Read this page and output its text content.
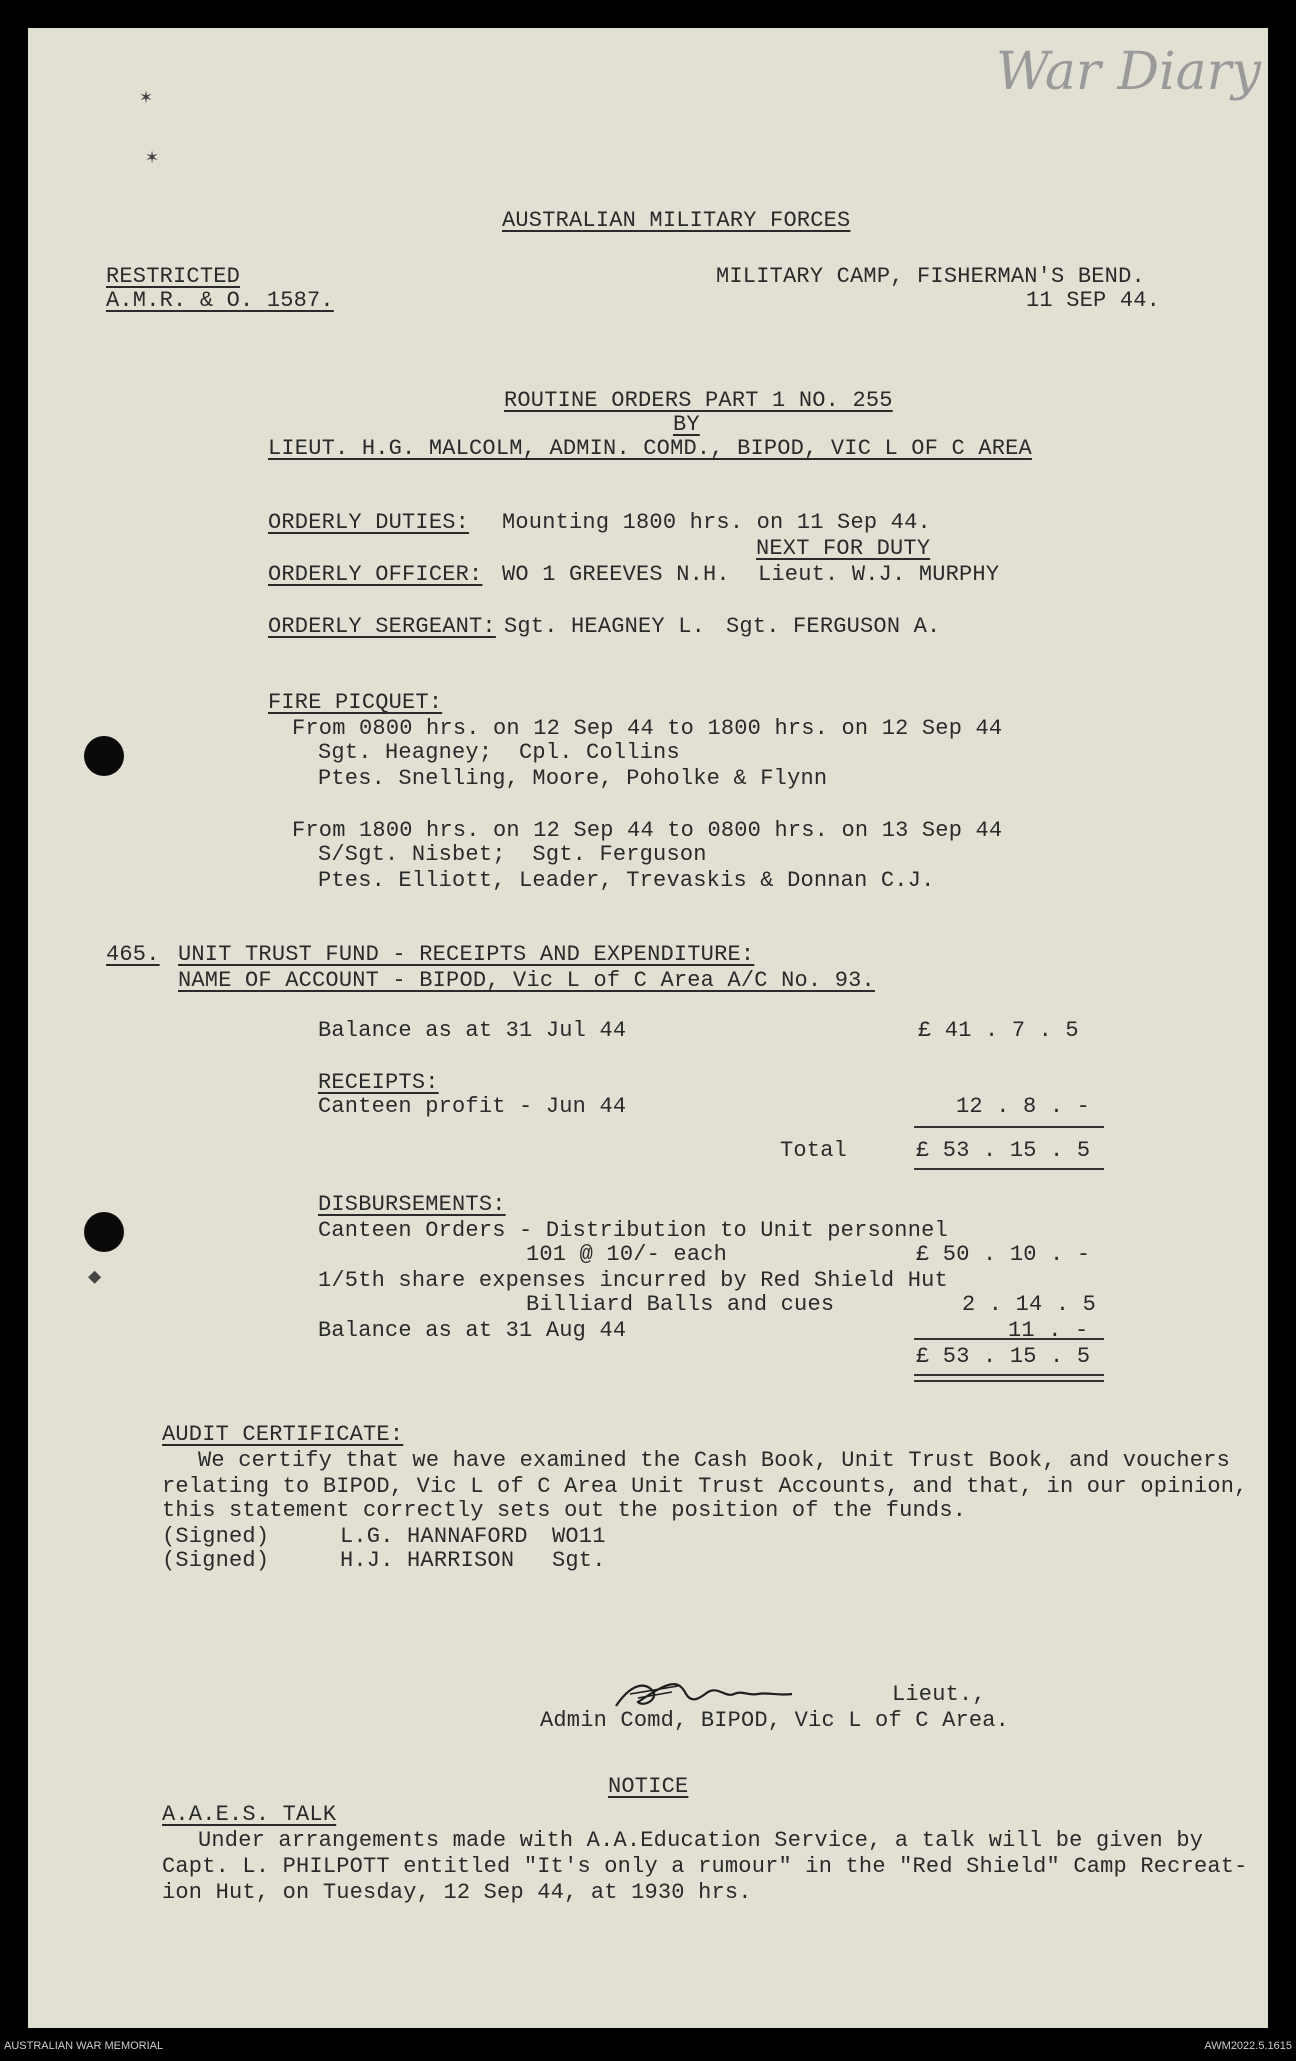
War Diary
✶
✶
◆
AUSTRALIAN MILITARY FORCES
RESTRICTED
A.M.R. & O. 1587.
MILITARY CAMP, FISHERMAN'S BEND.
11 SEP 44.
ROUTINE ORDERS PART 1 NO. 255
BY
LIEUT. H.G. MALCOLM, ADMIN. COMD., BIPOD, VIC L OF C AREA
ORDERLY DUTIES: Mounting 1800 hrs. on 11 Sep 44.
NEXT FOR DUTY
ORDERLY OFFICER: WO 1 GREEVES N.H. Lieut. W.J. MURPHY
ORDERLY SERGEANT: Sgt. HEAGNEY L. Sgt. FERGUSON A.
FIRE PICQUET:
From 0800 hrs. on 12 Sep 44 to 1800 hrs. on 12 Sep 44
Sgt. Heagney;  Cpl. Collins
Ptes. Snelling, Moore, Poholke & Flynn
From 1800 hrs. on 12 Sep 44 to 0800 hrs. on 13 Sep 44
S/Sgt. Nisbet;  Sgt. Ferguson
Ptes. Elliott, Leader, Trevaskis & Donnan C.J.
465. UNIT TRUST FUND - RECEIPTS AND EXPENDITURE:
NAME OF ACCOUNT - BIPOD, Vic L of C Area A/C No. 93.
Balance as at 31 Jul 44	£ 41 . 7 . 5
RECEIPTS:
Canteen profit - Jun 44	12 . 8 . -
Total	£ 53 . 15 . 5
DISBURSEMENTS:
Canteen Orders - Distribution to Unit personnel
101 @ 10/- each	£ 50 . 10 . -
1/5th share expenses incurred by Red Shield Hut
Billiard Balls and cues	2 . 14 . 5
Balance as at 31 Aug 44	11 . -
£ 53 . 15 . 5
AUDIT CERTIFICATE:
We certify that we have examined the Cash Book, Unit Trust Book, and vouchers
relating to BIPOD, Vic L of C Area Unit Trust Accounts, and that, in our opinion,
this statement correctly sets out the position of the funds.
(Signed)	L.G. HANNAFORD WO11
(Signed)	H.J. HARRISON Sgt.
Lieut.,
Admin Comd, BIPOD, Vic L of C Area.
NOTICE
A.A.E.S. TALK
Under arrangements made with A.A.Education Service, a talk will be given by
Capt. L. PHILPOTT entitled "It's only a rumour" in the "Red Shield" Camp Recreat-
ion Hut, on Tuesday, 12 Sep 44, at 1930 hrs.
AUSTRALIAN WAR MEMORIAL	AWM2022.5.1615
